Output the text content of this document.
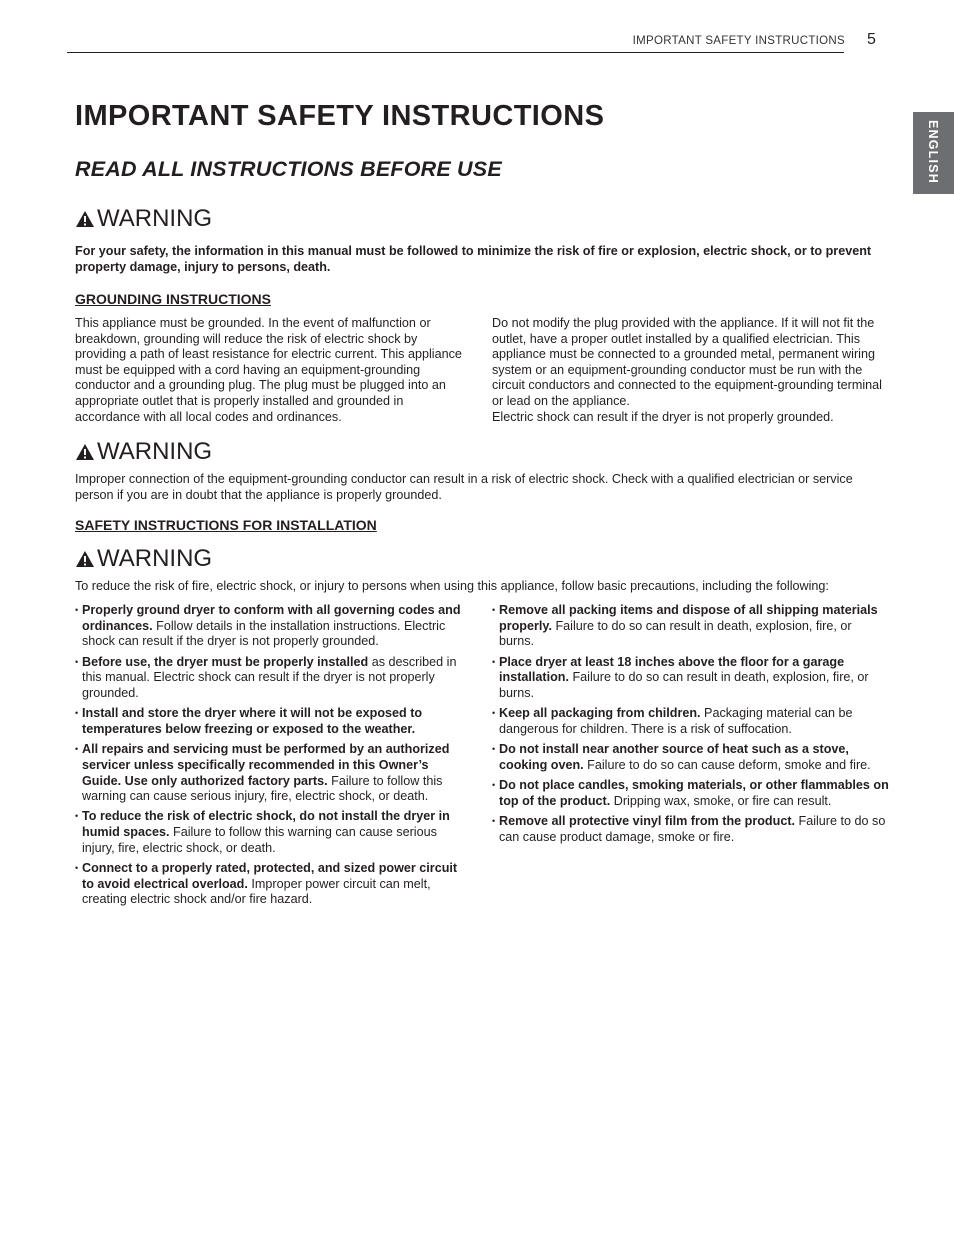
IMPORTANT SAFETY INSTRUCTIONS 5
ENGLISH
IMPORTANT SAFETY INSTRUCTIONS
READ ALL INSTRUCTIONS BEFORE USE
WARNING

For your safety, the information in this manual must be followed to minimize the risk of fire or explosion, electric shock, or to prevent property damage, injury to persons, death.

GROUNDING INSTRUCTIONS

This appliance must be grounded. In the event of malfunction or breakdown, grounding will reduce the risk of electric shock by providing a path of least resistance for electric current. This appliance must be equipped with a cord having an equipment-grounding conductor and a grounding plug. The plug must be plugged into an appropriate outlet that is properly installed and grounded in accordance with all local codes and ordinances.

Do not modify the plug provided with the appliance. If it will not fit the outlet, have a proper outlet installed by a qualified electrician. This appliance must be connected to a grounded metal, permanent wiring system or an equipment-grounding conductor must be run with the circuit conductors and connected to the equipment-grounding terminal or lead on the appliance.
Electric shock can result if the dryer is not properly grounded.
WARNING

Improper connection of the equipment-grounding conductor can result in a risk of electric shock. Check with a qualified electrician or service person if you are in doubt that the appliance is properly grounded.

SAFETY INSTRUCTIONS FOR INSTALLATION
WARNING

To reduce the risk of fire, electric shock, or injury to persons when using this appliance, follow basic precautions, including the following:

• Properly ground dryer to conform with all governing codes and ordinances. Follow details in the installation instructions. Electric shock can result if the dryer is not properly grounded.
• Before use, the dryer must be properly installed as described in this manual. Electric shock can result if the dryer is not properly grounded.
• Install and store the dryer where it will not be exposed to temperatures below freezing or exposed to the weather.
• All repairs and servicing must be performed by an authorized servicer unless specifically recommended in this Owner’s Guide. Use only authorized factory parts. Failure to follow this warning can cause serious injury, fire, electric shock, or death.
• To reduce the risk of electric shock, do not install the dryer in humid spaces. Failure to follow this warning can cause serious injury, fire, electric shock, or death.
• Connect to a properly rated, protected, and sized power circuit to avoid electrical overload. Improper power circuit can melt, creating electric shock and/or fire hazard.
• Remove all packing items and dispose of all shipping materials properly. Failure to do so can result in death, explosion, fire, or burns.
• Place dryer at least 18 inches above the floor for a garage installation. Failure to do so can result in death, explosion, fire, or burns.
• Keep all packaging from children. Packaging material can be dangerous for children. There is a risk of suffocation.
• Do not install near another source of heat such as a stove, cooking oven. Failure to do so can cause deform, smoke and fire.
• Do not place candles, smoking materials, or other flammables on top of the product. Dripping wax, smoke, or fire can result.
• Remove all protective vinyl film from the product. Failure to do so can cause product damage, smoke or fire.
